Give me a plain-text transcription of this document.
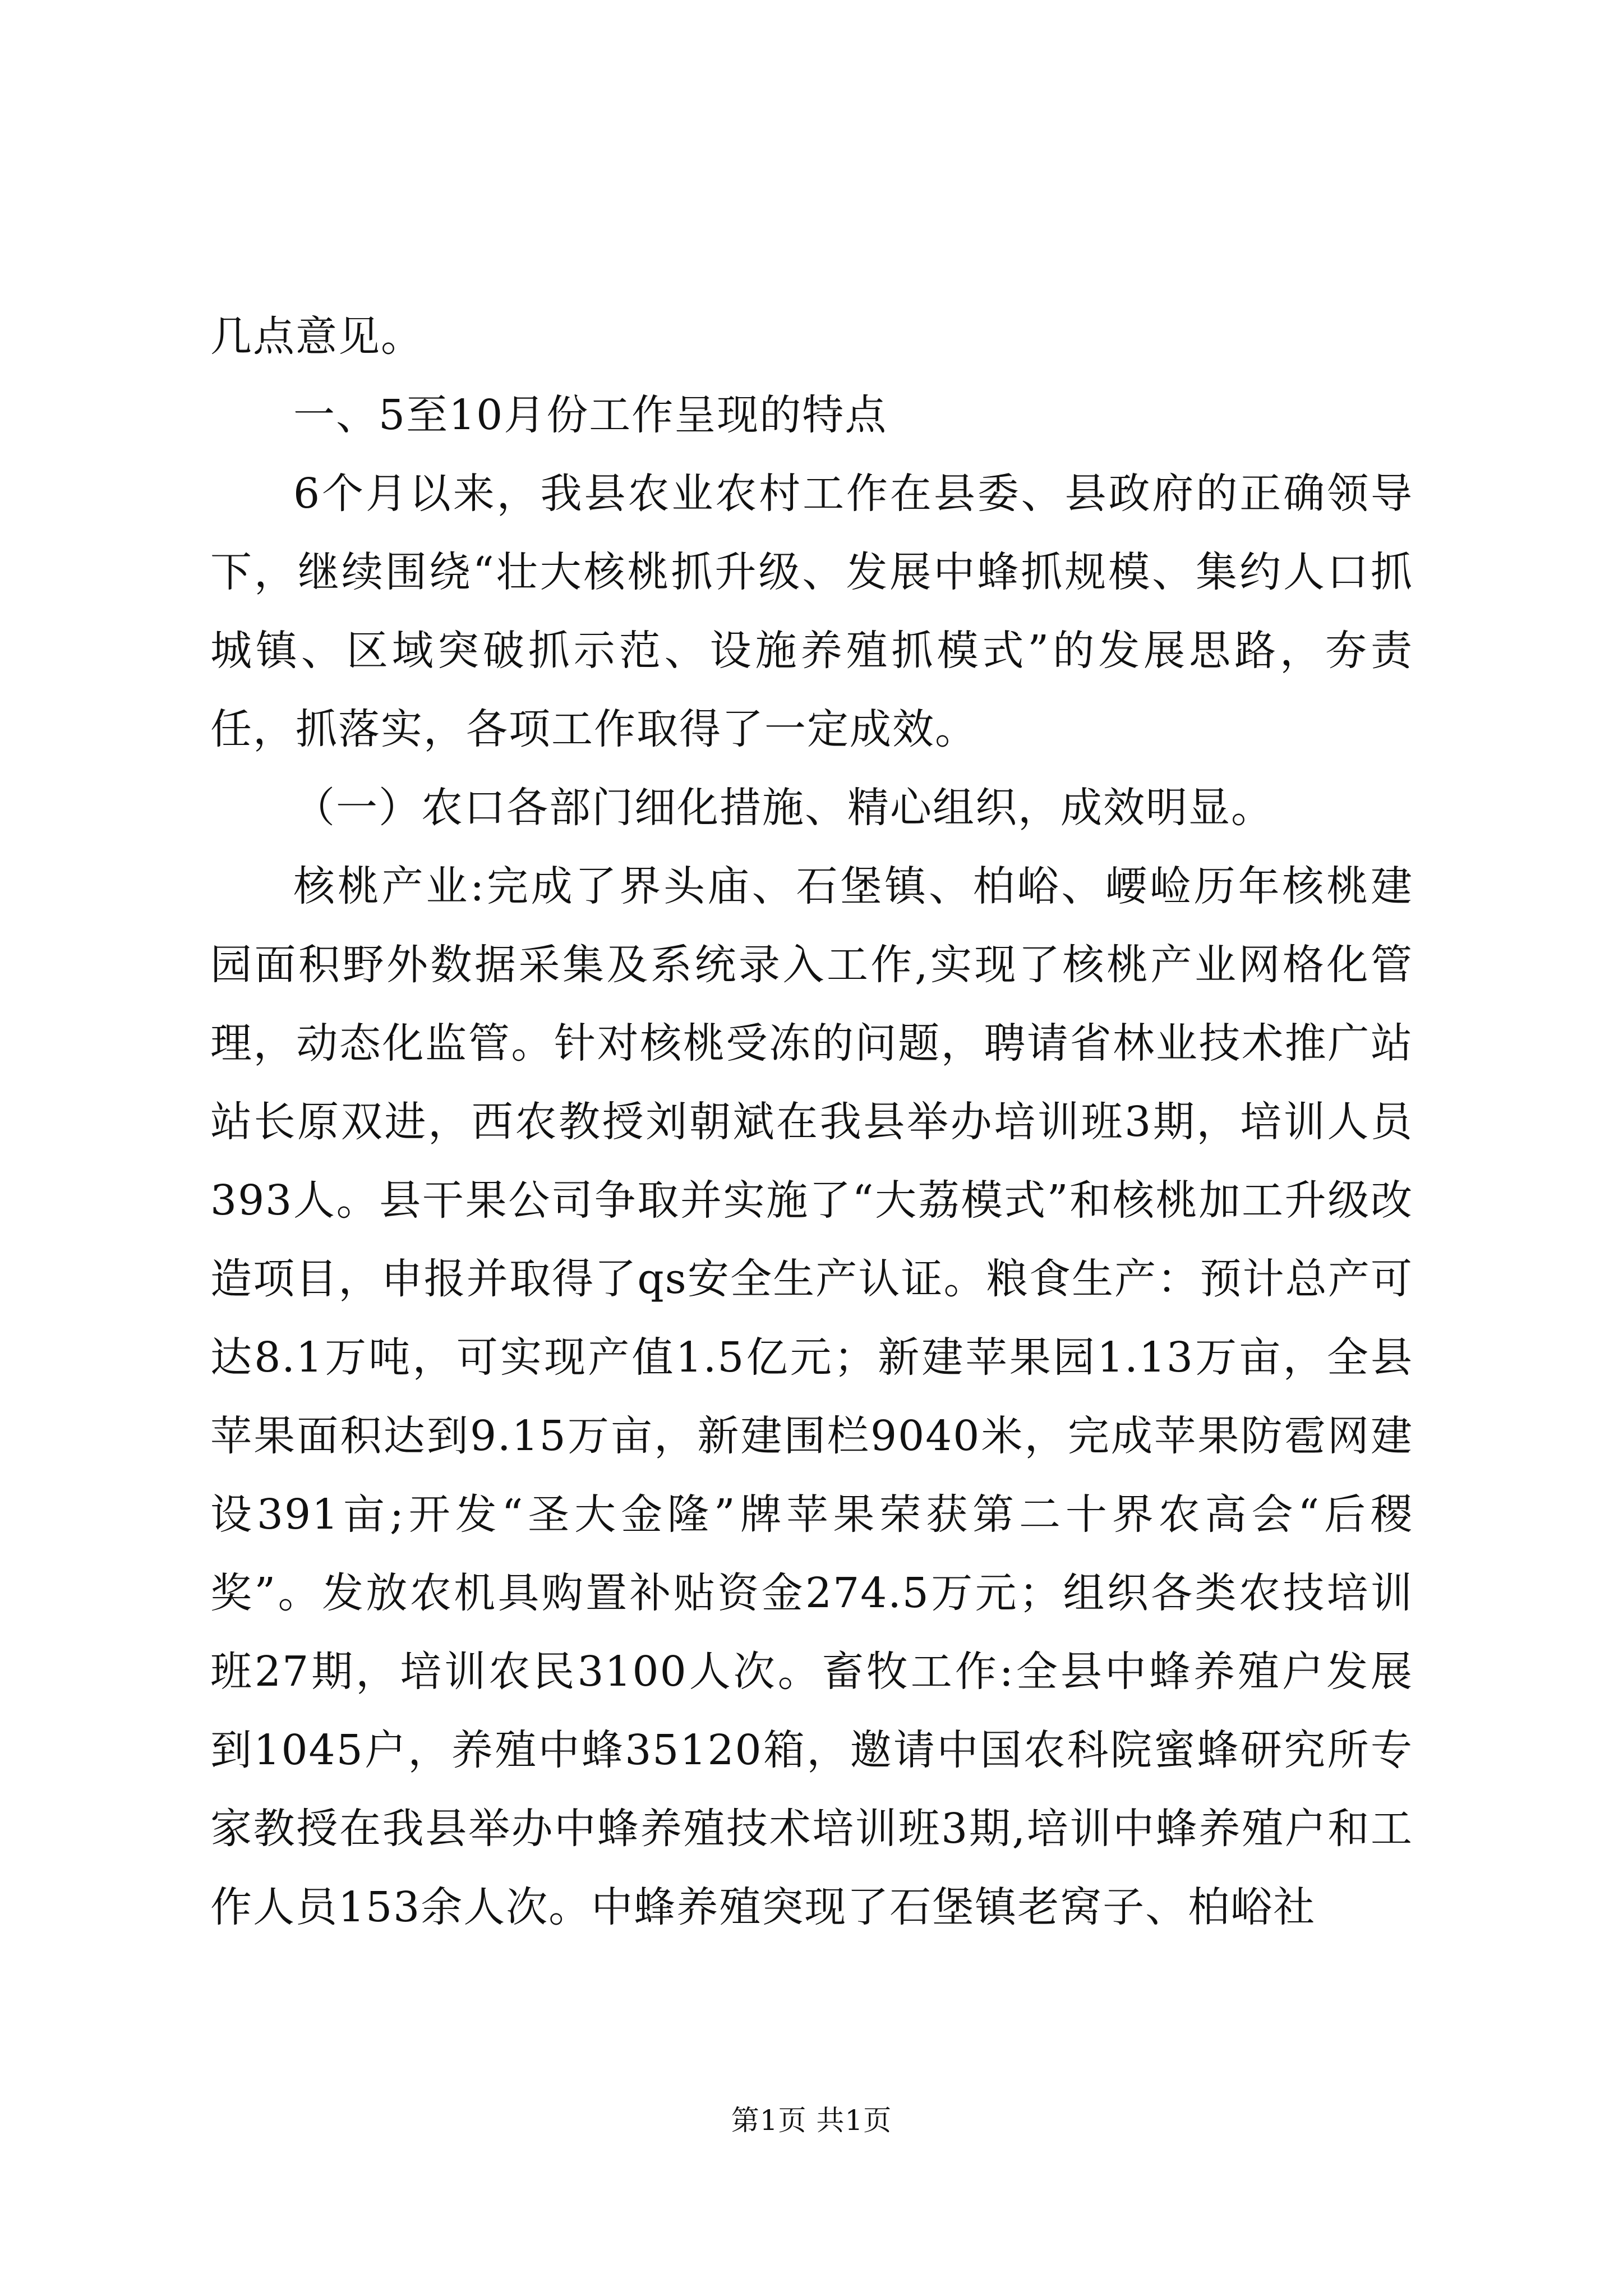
几点意见。

一、5至10月份工作呈现的特点

6个月以来，我县农业农村工作在县委、县政府的正确领导下，继续围绕“壮大核桃抓升级、发展中蜂抓规模、集约人口抓城镇、区域突破抓示范、设施养殖抓模式”的发展思路，夯责任，抓落实，各项工作取得了一定成效。

（一）农口各部门细化措施、精心组织，成效明显。

核桃产业:完成了界头庙、石堡镇、柏峪、崾崄历年核桃建园面积野外数据采集及系统录入工作,实现了核桃产业网格化管理，动态化监管。针对核桃受冻的问题，聘请省林业技术推广站站长原双进，西农教授刘朝斌在我县举办培训班3期，培训人员393人。县干果公司争取并实施了“大荔模式”和核桃加工升级改造项目，申报并取得了qs安全生产认证。粮食生产：预计总产可达8.1万吨，可实现产值1.5亿元；新建苹果园1.13万亩，全县苹果面积达到9.15万亩，新建围栏9040米，完成苹果防雹网建设391亩;开发“圣大金隆”牌苹果荣获第二十界农高会“后稷奖”。发放农机具购置补贴资金274.5万元；组织各类农技培训班27期，培训农民3100人次。畜牧工作:全县中蜂养殖户发展到1045户，养殖中蜂35120箱，邀请中国农科院蜜蜂研究所专家教授在我县举办中蜂养殖技术培训班3期,培训中蜂养殖户和工作人员153余人次。中蜂养殖突现了石堡镇老窝子、柏峪社

第1页 共1页
